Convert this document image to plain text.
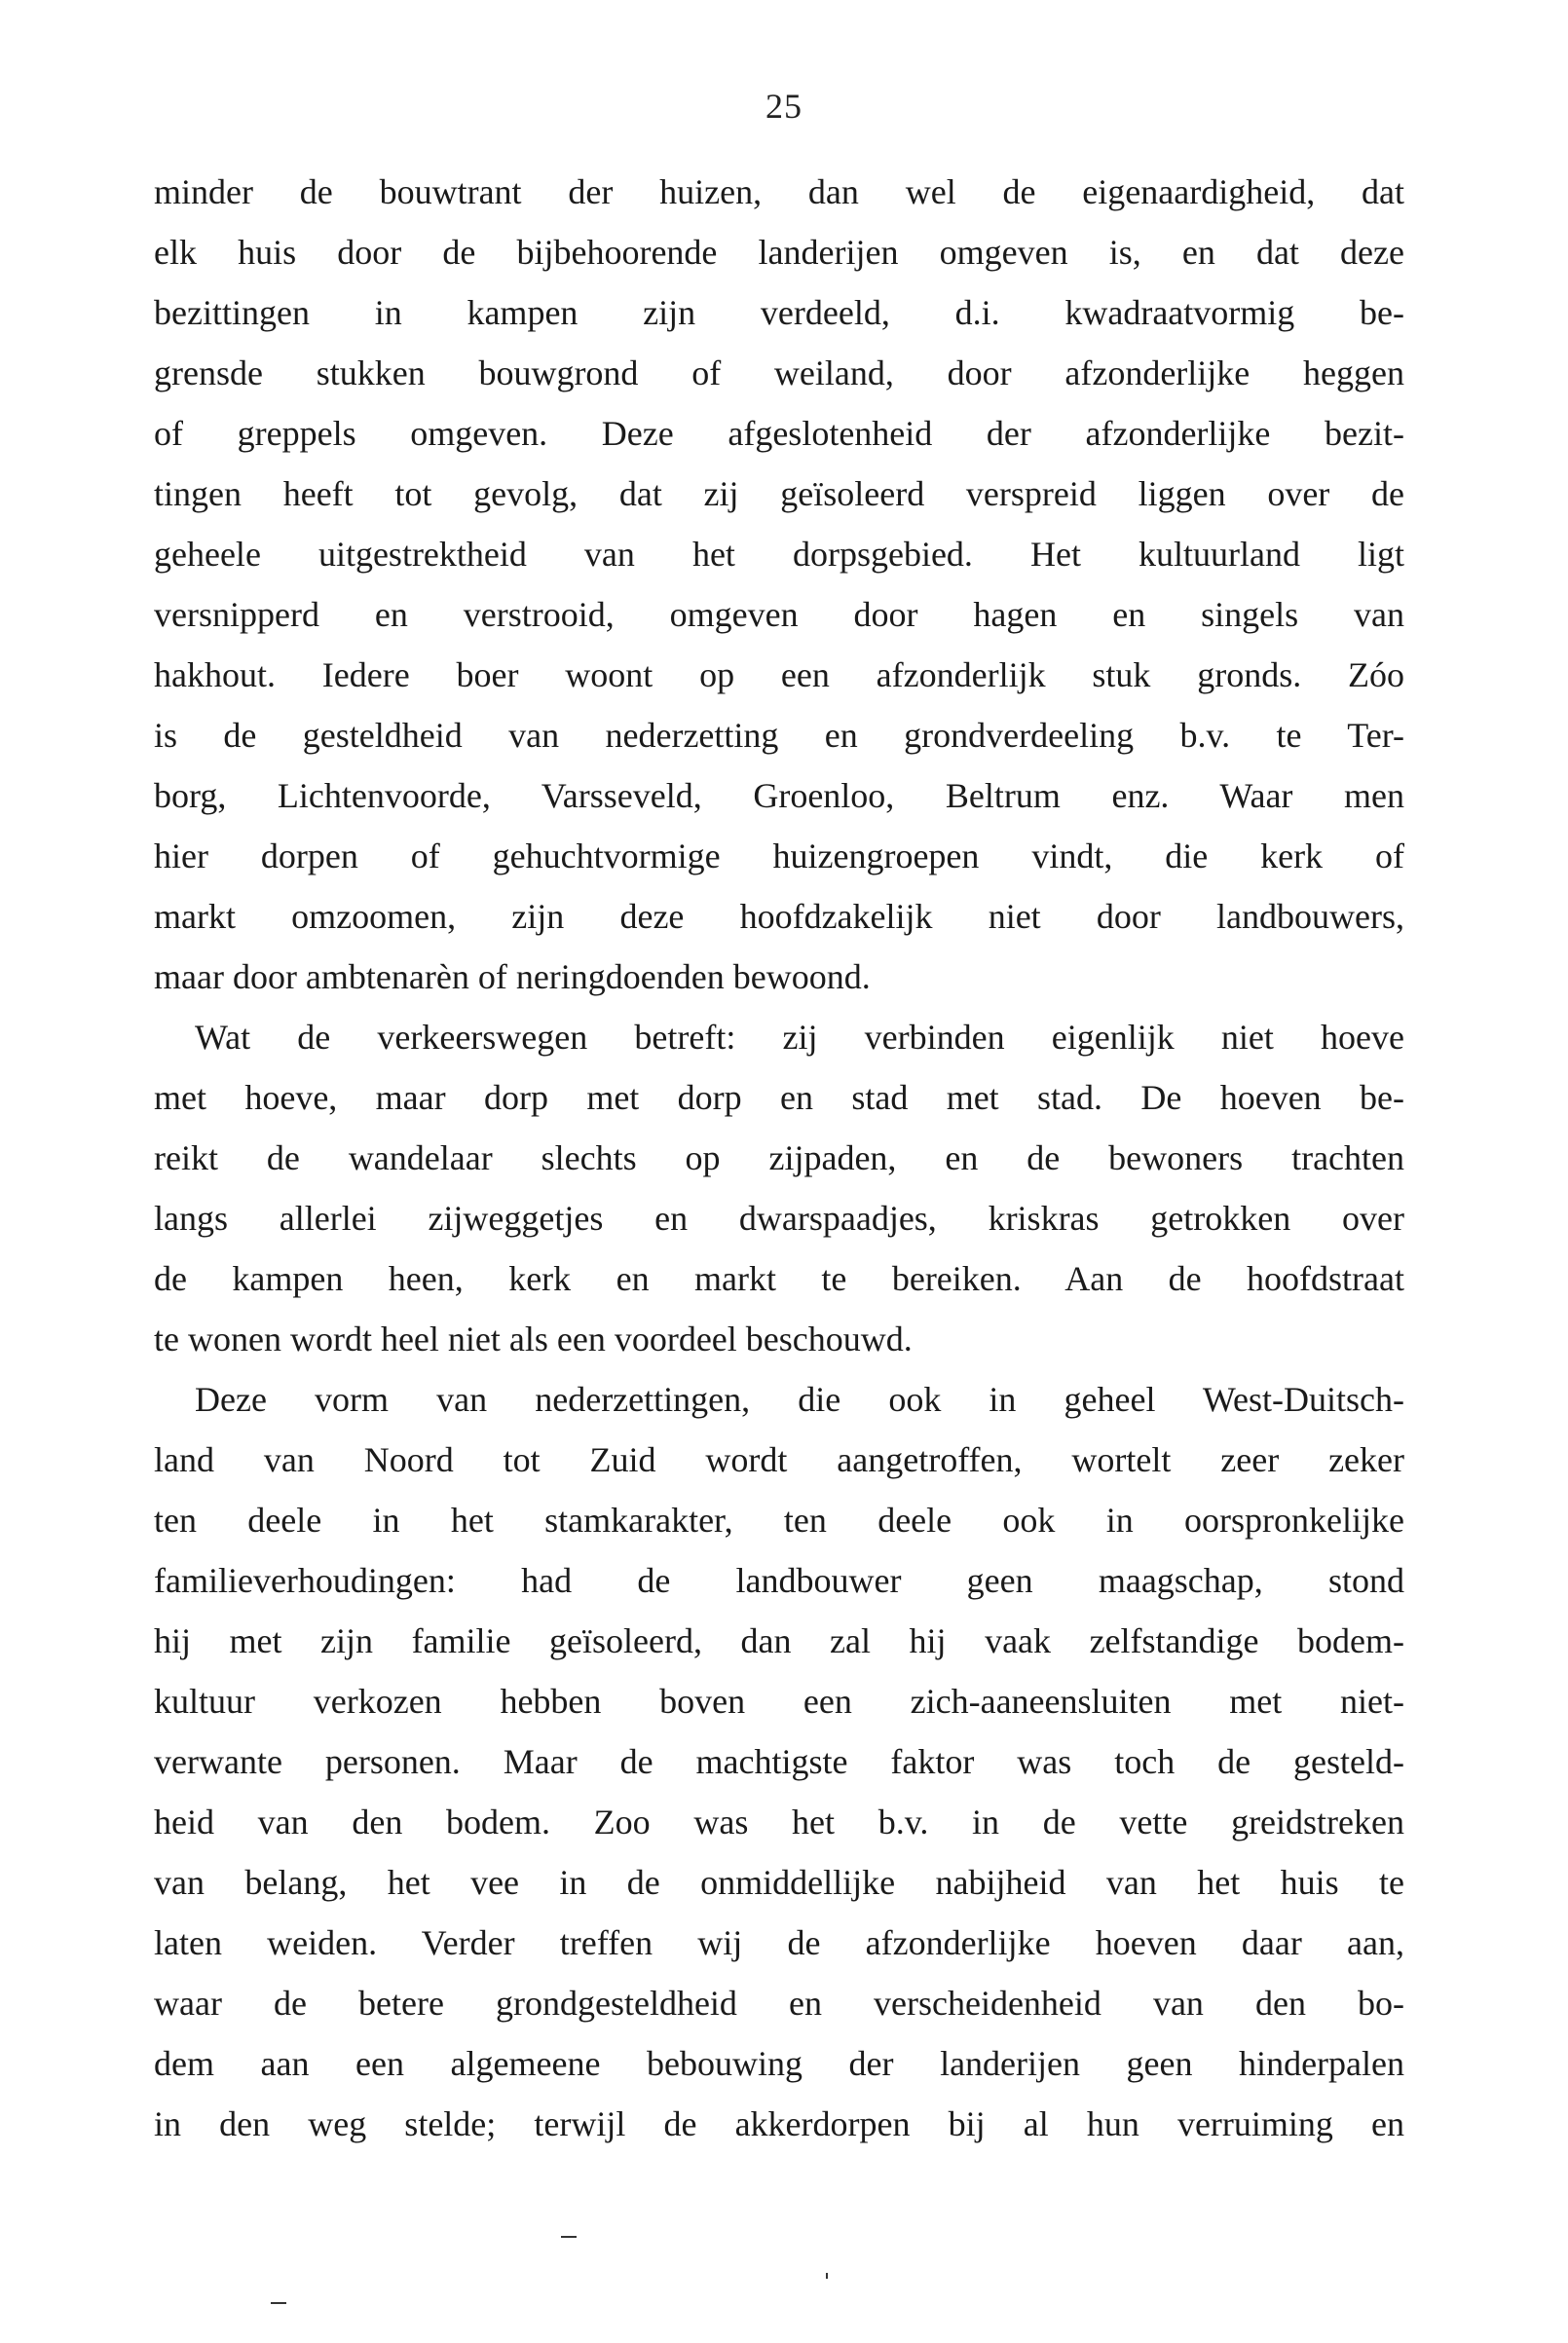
25
minder de bouwtrant der huizen, dan wel de eigenaardigheid, dat
elk huis door de bijbehoorende landerijen omgeven is, en dat deze
bezittingen in kampen zijn verdeeld, d.i. kwadraatvormig be-
grensde stukken bouwgrond of weiland, door afzonderlijke heggen
of greppels omgeven. Deze afgeslotenheid der afzonderlijke bezit-
tingen heeft tot gevolg, dat zij geïsoleerd verspreid liggen over de
geheele uitgestrektheid van het dorpsgebied. Het kultuurland ligt
versnipperd en verstrooid, omgeven door hagen en singels van
hakhout. Iedere boer woont op een afzonderlijk stuk gronds. Zóo
is de gesteldheid van nederzetting en grondverdeeling b.v. te Ter-
borg, Lichtenvoorde, Varsseveld, Groenloo, Beltrum enz. Waar men
hier dorpen of gehuchtvormige huizengroepen vindt, die kerk of
markt omzoomen, zijn deze hoofdzakelijk niet door landbouwers,
maar door ambtenarèn of neringdoenden bewoond.
Wat de verkeerswegen betreft: zij verbinden eigenlijk niet hoeve
met hoeve, maar dorp met dorp en stad met stad. De hoeven be-
reikt de wandelaar slechts op zijpaden, en de bewoners trachten
langs allerlei zijweggetjes en dwarspaadjes, kriskras getrokken over
de kampen heen, kerk en markt te bereiken. Aan de hoofdstraat
te wonen wordt heel niet als een voordeel beschouwd.
Deze vorm van nederzettingen, die ook in geheel West-Duitsch-
land van Noord tot Zuid wordt aangetroffen, wortelt zeer zeker
ten deele in het stamkarakter, ten deele ook in oorspronkelijke
familieverhoudingen: had de landbouwer geen maagschap, stond
hij met zijn familie geïsoleerd, dan zal hij vaak zelfstandige bodem-
kultuur verkozen hebben boven een zich-aaneensluiten met niet-
verwante personen. Maar de machtigste faktor was toch de gesteld-
heid van den bodem. Zoo was het b.v. in de vette greidstreken
van belang, het vee in de onmiddellijke nabijheid van het huis te
laten weiden. Verder treffen wij de afzonderlijke hoeven daar aan,
waar de betere grondgesteldheid en verscheidenheid van den bo-
dem aan een algemeene bebouwing der landerijen geen hinderpalen
in den weg stelde; terwijl de akkerdorpen bij al hun verruiming en
